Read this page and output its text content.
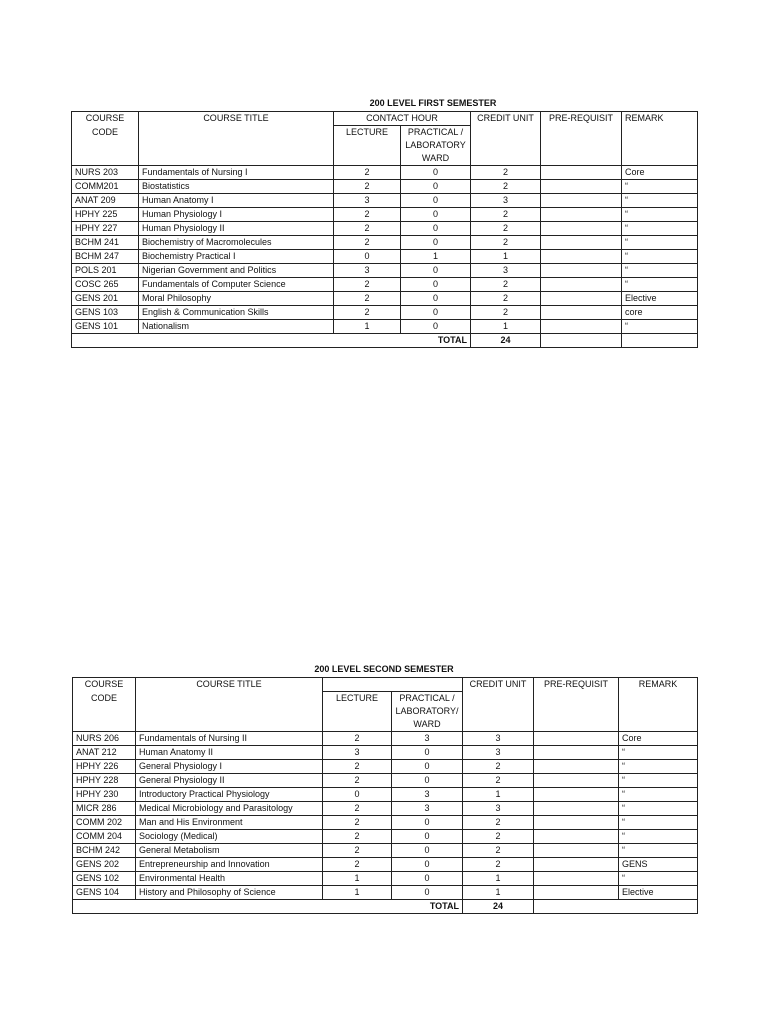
200 LEVEL FIRST SEMESTER
COURSE	COURSE TITLE	CONTACT HOUR		CREDIT UNIT	PRE-REQUISIT	REMARK
CODE		LECTURE	PRACTICAL /			
			LABORATORY			
			WARD			
NURS 203	Fundamentals of Nursing I	2	0	2		Core
COMM201	Biostatistics	2	0	2		“
ANAT 209	Human Anatomy I	3	0	3		“
HPHY 225	Human Physiology I	2	0	2		“
HPHY 227	Human Physiology II	2	0	2		“
BCHM 241	Biochemistry of Macromolecules	2	0	2		“
BCHM 247	Biochemistry Practical I	0	1	1		“
POLS 201	Nigerian Government and Politics	3	0	3		“
COSC 265	Fundamentals of Computer Science	2	0	2		“
GENS 201	Moral Philosophy	2	0	2		Elective
GENS 103	English & Communication Skills	2	0	2		core
GENS 101	Nationalism	1	0	1		“
			TOTAL	24		
200 LEVEL SECOND SEMESTER
COURSE	COURSE TITLE			CREDIT UNIT	PRE-REQUISIT	REMARK
CODE		LECTURE	PRACTICAL /			
			LABORATORY/			
			WARD			
NURS 206	Fundamentals of Nursing II	2	3	3		Core
ANAT 212	Human Anatomy II	3	0	3		“
HPHY 226	General Physiology I	2	0	2		“
HPHY 228	General Physiology II	2	0	2		“
HPHY 230	Introductory Practical Physiology	0	3	1		“
MICR 286	Medical Microbiology and Parasitology	2	3	3		“
COMM 202	Man and His Environment	2	0	2		“
COMM 204	Sociology (Medical)	2	0	2		“
BCHM 242	General Metabolism	2	0	2		“
GENS 202	Entrepreneurship and Innovation	2	0	2		GENS
GENS 102	Environmental Health	1	0	1		“
GENS 104	History and Philosophy of Science	1	0	1		Elective
			TOTAL	24		
